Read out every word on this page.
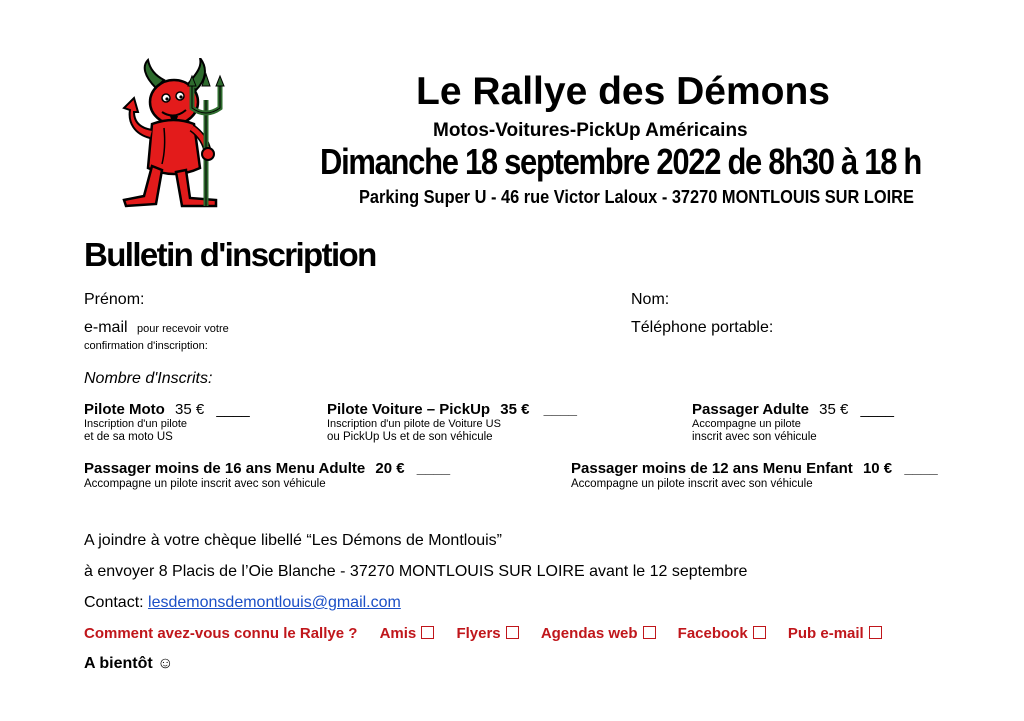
Le Rallye des Démons
Motos-Voitures-PickUp Américains
Dimanche 18 septembre 2022 de 8h30 à 18 h
Parking Super U - 46 rue Victor Laloux - 37270 MONTLOUIS SUR LOIRE
Bulletin d'inscription
Prénom:	Nom:
e-mail pour recevoir votre
confirmation d'inscription:
Téléphone portable:
Nombre d'Inscrits:
Pilote Moto 35 € ____
Inscription d'un pilote
et de sa moto US
Pilote Voiture – PickUp 35 € ____
Inscription d'un pilote de Voiture US
ou PickUp Us et de son véhicule
Passager Adulte 35 € ____
Accompagne un pilote
inscrit avec son véhicule
Passager moins de 16 ans Menu Adulte 20 € ____
Accompagne un pilote inscrit avec son véhicule
Passager moins de 12 ans Menu Enfant 10 € ____
Accompagne un pilote inscrit avec son véhicule
A joindre à votre chèque libellé “Les Démons de Montlouis”
à envoyer 8 Placis de l’Oie Blanche - 37270 MONTLOUIS SUR LOIRE avant le 12 septembre
Contact: lesdemonsdemontlouis@gmail.com
Comment avez-vous connu le Rallye ? Amis	Flyers	Agendas web	Facebook	Pub e-mail
A bientôt ☺
